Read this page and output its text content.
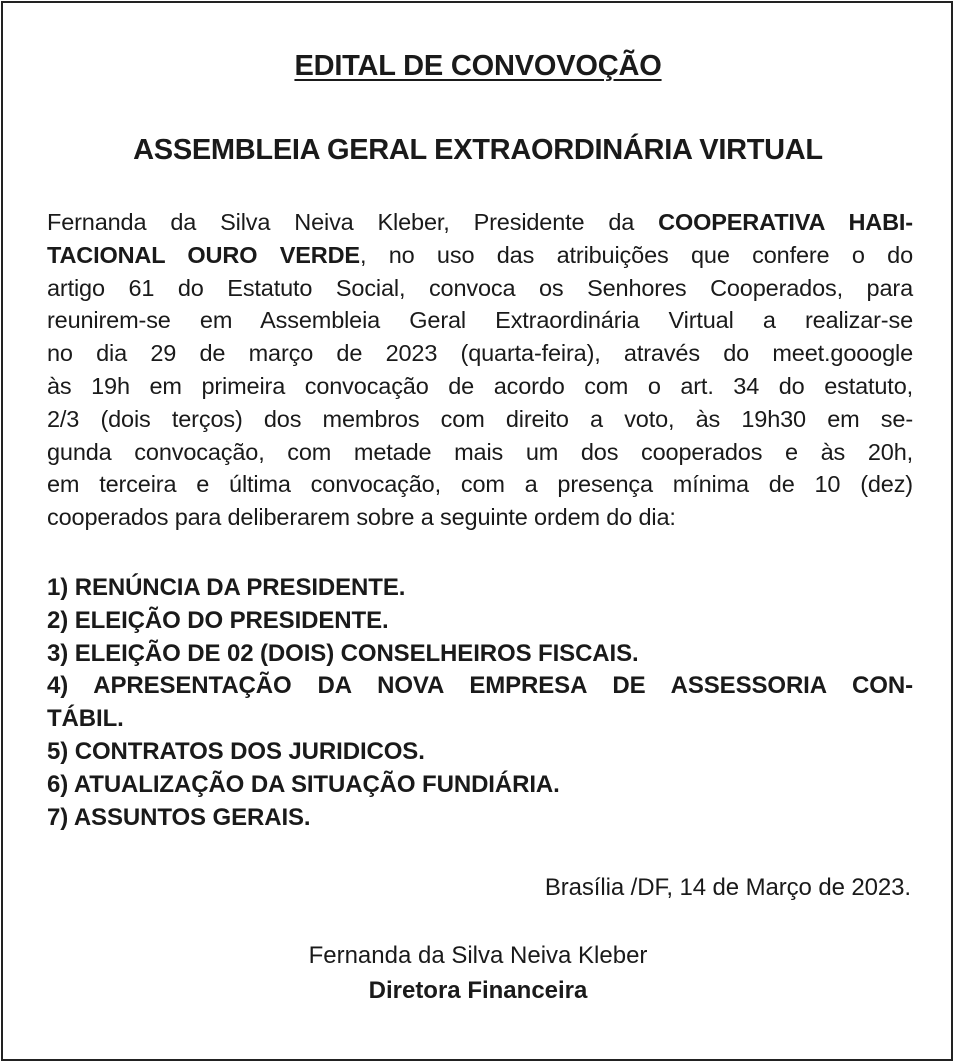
EDITAL DE CONVOVOÇÃO
ASSEMBLEIA GERAL EXTRAORDINÁRIA VIRTUAL
Fernanda da Silva Neiva Kleber, Presidente da COOPERATIVA HABI-
TACIONAL OURO VERDE, no uso das atribuições que confere o do
artigo 61 do Estatuto Social, convoca os Senhores Cooperados, para
reunirem-se em Assembleia Geral Extraordinária Virtual a realizar-se
no dia 29 de março de 2023 (quarta-feira), através do meet.gooogle
às 19h em primeira convocação de acordo com o art. 34 do estatuto,
2/3 (dois terços) dos membros com direito a voto, às 19h30 em se-
gunda convocação, com metade mais um dos cooperados e às 20h,
em terceira e última convocação, com a presença mínima de 10 (dez)
cooperados para deliberarem sobre a seguinte ordem do dia:
1) RENÚNCIA DA PRESIDENTE.
2) ELEIÇÃO DO PRESIDENTE.
3) ELEIÇÃO DE 02 (DOIS) CONSELHEIROS FISCAIS.
4) APRESENTAÇÃO DA NOVA EMPRESA DE ASSESSORIA CON-
TÁBIL.
5) CONTRATOS DOS JURIDICOS.
6) ATUALIZAÇÃO DA SITUAÇÃO FUNDIÁRIA.
7) ASSUNTOS GERAIS.
Brasília /DF, 14 de Março de 2023.
Fernanda da Silva Neiva Kleber
Diretora Financeira
